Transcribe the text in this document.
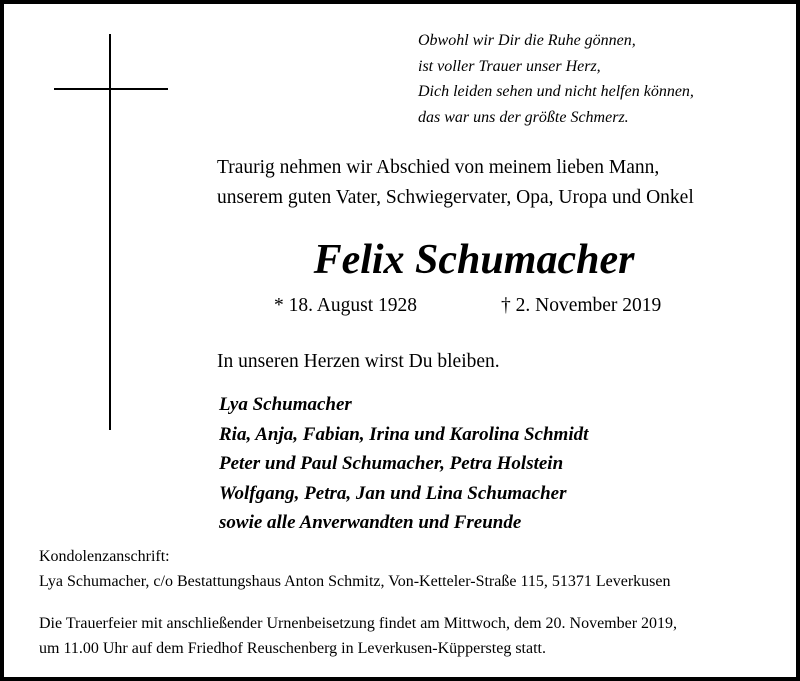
Obwohl wir Dir die Ruhe gönnen,
ist voller Trauer unser Herz,
Dich leiden sehen und nicht helfen können,
das war uns der größte Schmerz.
Traurig nehmen wir Abschied von meinem lieben Mann,
unserem guten Vater, Schwiegervater, Opa, Uropa und Onkel
Felix Schumacher
* 18. August 1928	† 2. November 2019
In unseren Herzen wirst Du bleiben.
Lya Schumacher
Ria, Anja, Fabian, Irina und Karolina Schmidt
Peter und Paul Schumacher, Petra Holstein
Wolfgang, Petra, Jan und Lina Schumacher
sowie alle Anverwandten und Freunde
Kondolenzanschrift:
Lya Schumacher, c/o Bestattungshaus Anton Schmitz, Von-Ketteler-Straße 115, 51371 Leverkusen
Die Trauerfeier mit anschließender Urnenbeisetzung findet am Mittwoch, dem 20. November 2019,
um 11.00 Uhr auf dem Friedhof Reuschenberg in Leverkusen-Küppersteg statt.
